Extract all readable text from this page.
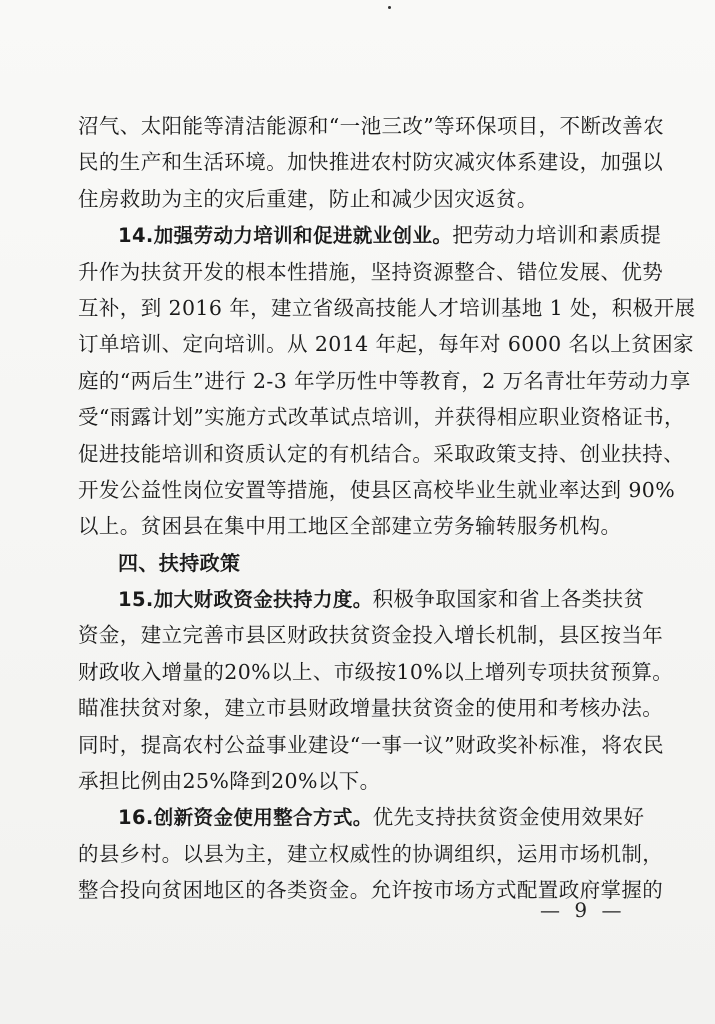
沼气、太阳能等清洁能源和“一池三改”等环保项目，不断改善农
民的生产和生活环境。加快推进农村防灾减灾体系建设，加强以
住房救助为主的灾后重建，防止和减少因灾返贫。
14.加强劳动力培训和促进就业创业。把劳动力培训和素质提
升作为扶贫开发的根本性措施，坚持资源整合、错位发展、优势
互补，到 2016 年，建立省级高技能人才培训基地 1 处，积极开展
订单培训、定向培训。从 2014 年起，每年对 6000 名以上贫困家
庭的“两后生”进行 2-3 年学历性中等教育，2 万名青壮年劳动力享
受“雨露计划”实施方式改革试点培训，并获得相应职业资格证书，
促进技能培训和资质认定的有机结合。采取政策支持、创业扶持、
开发公益性岗位安置等措施，使县区高校毕业生就业率达到 90%
以上。贫困县在集中用工地区全部建立劳务输转服务机构。
四、扶持政策
15.加大财政资金扶持力度。积极争取国家和省上各类扶贫
资金，建立完善市县区财政扶贫资金投入增长机制，县区按当年
财政收入增量的20%以上、市级按10%以上增列专项扶贫预算。
瞄准扶贫对象，建立市县财政增量扶贫资金的使用和考核办法。
同时，提高农村公益事业建设“一事一议”财政奖补标准，将农民
承担比例由25%降到20%以下。
16.创新资金使用整合方式。优先支持扶贫资金使用效果好
的县乡村。以县为主，建立权威性的协调组织，运用市场机制，
整合投向贫困地区的各类资金。允许按市场方式配置政府掌握的
— 9 —
